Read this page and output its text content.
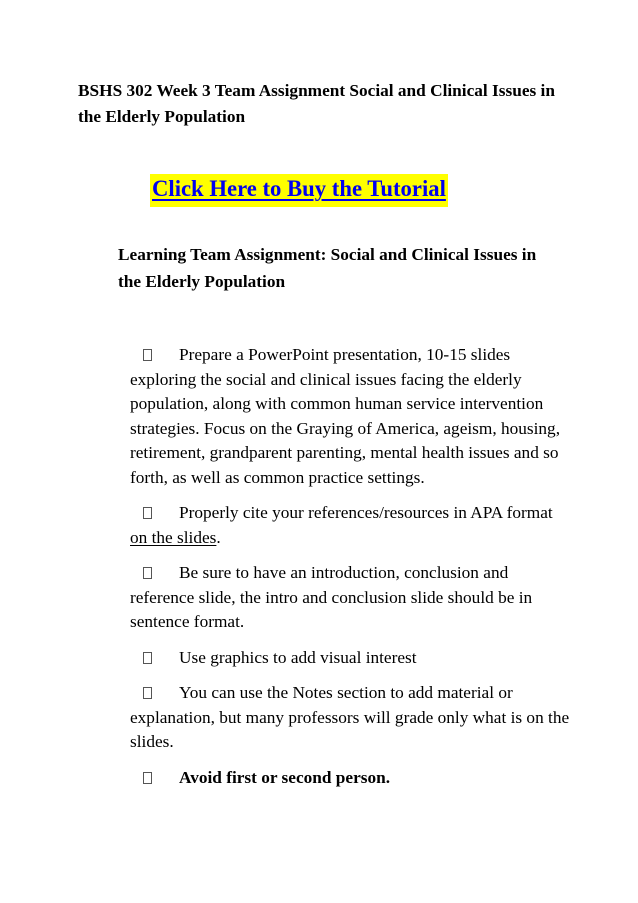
BSHS 302 Week 3 Team Assignment Social and Clinical Issues in the Elderly Population
Click Here to Buy the Tutorial
Learning Team Assignment: Social and Clinical Issues in the Elderly Population
Prepare a PowerPoint presentation, 10-15 slides exploring the social and clinical issues facing the elderly population, along with common human service intervention strategies. Focus on the Graying of America, ageism, housing, retirement, grandparent parenting, mental health issues and so forth, as well as common practice settings.
Properly cite your references/resources in APA format on the slides.
Be sure to have an introduction, conclusion and reference slide, the intro and conclusion slide should be in sentence format.
Use graphics to add visual interest
You can use the Notes section to add material or explanation, but many professors will grade only what is on the slides.
Avoid first or second person.
